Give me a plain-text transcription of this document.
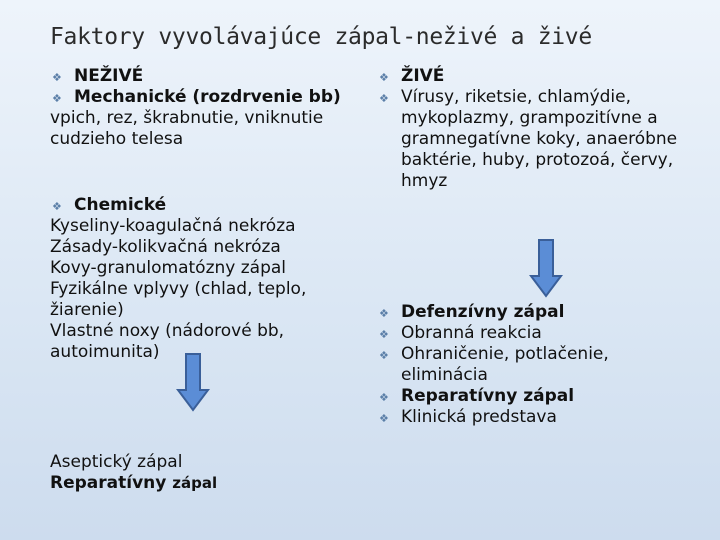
Faktory vyvolávajúce zápal-neživé a živé
❖ NEŽIVÉ
❖ Mechanické (rozdrvenie bb)
vpich, rez, škrabnutie, vniknutie cudzieho telesa
❖ Chemické
Kyseliny-koagulačná nekróza
Zásady-kolikvačná nekróza
Kovy-granulomatózny zápal
Fyzikálne vplyvy (chlad, teplo, žiarenie)
Vlastné noxy (nádorové bb, autoimunita)
Aseptický zápal
Reparatívny zápal
❖ ŽIVÉ
❖ Vírusy, riketsie, chlamýdie, mykoplazmy, grampozitívne a gramnegatívne koky, anaeróbne baktérie, huby, protozoá, červy, hmyz
❖ Defenzívny zápal
❖ Obranná reakcia
❖ Ohraničenie, potlačenie, eliminácia
❖ Reparatívny zápal
❖ Klinická predstava
